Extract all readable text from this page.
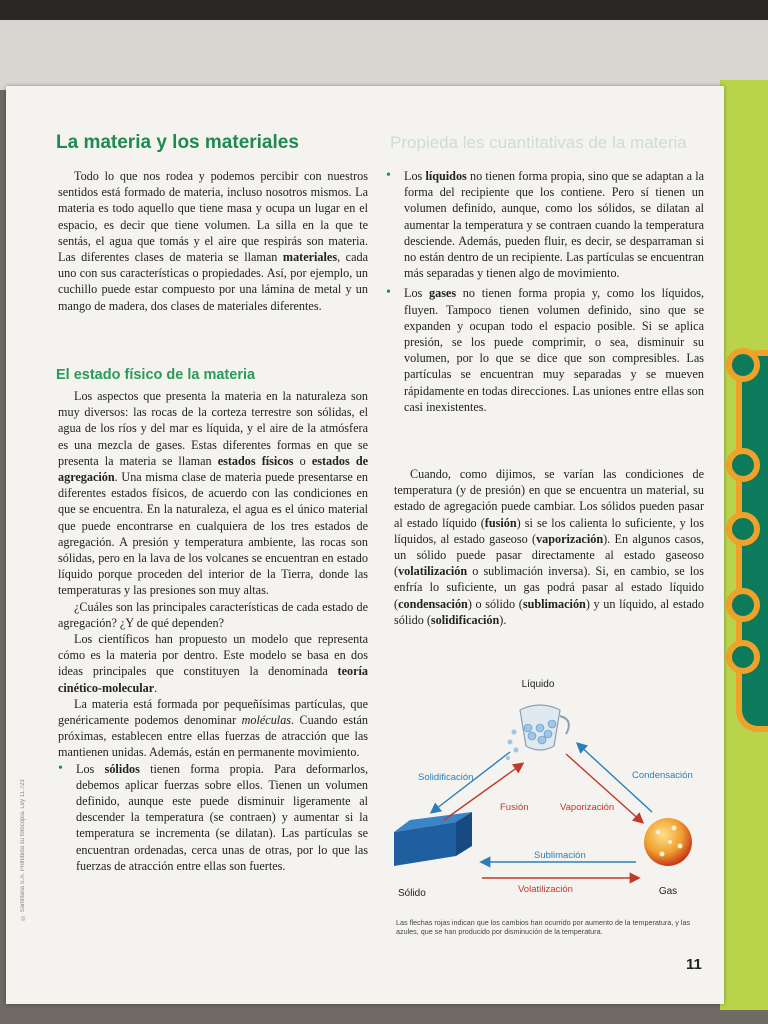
Propieda les cuantitativas de la materia
La materia y los materiales

Todo lo que nos rodea y podemos percibir con nuestros sentidos está formado de materia, incluso nosotros mismos. La materia es todo aquello que tiene masa y ocupa un lugar en el espacio, es decir que tiene volumen. La silla en la que te sentás, el agua que tomás y el aire que respirás son materia. Las diferentes clases de materia se llaman materiales, cada uno con sus características o propiedades. Así, por ejemplo, un cuchillo puede estar compuesto por una lámina de metal y un mango de madera, dos clases de materiales diferentes.

El estado físico de la materia

Los aspectos que presenta la materia en la naturaleza son muy diversos: las rocas de la corteza terrestre son sólidas, el agua de los ríos y del mar es líquida, y el aire de la atmósfera es una mezcla de gases. Estas diferentes formas en que se presenta la materia se llaman estados físicos o estados de agregación. Una misma clase de materia puede presentarse en diferentes estados físicos, de acuerdo con las condiciones en que se encuentra. En la naturaleza, el agua es el único material que puede encontrarse en cualquiera de los tres estados de agregación. A presión y temperatura ambiente, las rocas son sólidas, pero en la lava de los volcanes se encuentran en estado líquido porque proceden del interior de la Tierra, donde las temperaturas y las presiones son muy altas.

¿Cuáles son las principales características de cada estado de agregación? ¿Y de qué dependen?

Los científicos han propuesto un modelo que representa cómo es la materia por dentro. Este modelo se basa en dos ideas principales que constituyen la denominada teoría cinético-molecular.

La materia está formada por pequeñísimas partículas, que genéricamente podemos denominar moléculas. Cuando están próximas, establecen entre ellas fuerzas de atracción que las mantienen unidas. Además, están en permanente movimiento.

• Los sólidos tienen forma propia. Para deformarlos, debemos aplicar fuerzas sobre ellos. Tienen un volumen definido, aunque este puede disminuir ligeramente al descender la temperatura (se contraen) y aumentar si la temperatura se incrementa (se dilatan). Las partículas se encuentran ordenadas, cerca unas de otras, por lo que las fuerzas de atracción entre ellas son fuertes.

• Los líquidos no tienen forma propia, sino que se adaptan a la forma del recipiente que los contiene. Pero sí tienen un volumen definido, aunque, como los sólidos, se dilatan al aumentar la temperatura y se contraen cuando la temperatura desciende. Además, pueden fluir, es decir, se desparraman si no están dentro de un recipiente. Las partículas se encuentran más separadas y tienen algo de movimiento.

• Los gases no tienen forma propia y, como los líquidos, fluyen. Tampoco tienen volumen definido, sino que se expanden y ocupan todo el espacio posible. Si se aplica presión, se los puede comprimir, o sea, disminuir su volumen, por lo que se dice que son compresibles. Las partículas se encuentran muy separadas y se mueven rápidamente en todas direcciones. Las uniones entre ellas son casi inexistentes.

Cuando, como dijimos, se varían las condiciones de temperatura (y de presión) en que se encuentra un material, su estado de agregación puede cambiar. Los sólidos pueden pasar al estado líquido (fusión) si se los calienta lo suficiente, y los líquidos, al estado gaseoso (vaporización). En algunos casos, un sólido puede pasar directamente al estado gaseoso (volatilización o sublimación inversa). Si, en cambio, se los enfría lo suficiente, un gas podrá pasar al estado líquido (condensación) o sólido (sublimación) y un líquido, al estado sólido (solidificación).

Líquido
Sólido	Gas
Solidificación	Condensación
Fusión	Vaporización
Sublimación
Volatilización
Las flechas rojas indican que los cambios han ocurrido por aumento de la temperatura, y las azules, que se han producido por disminución de la temperatura.
11
© Santillana S.A. Prohibida su fotocopia. Ley 11.723
